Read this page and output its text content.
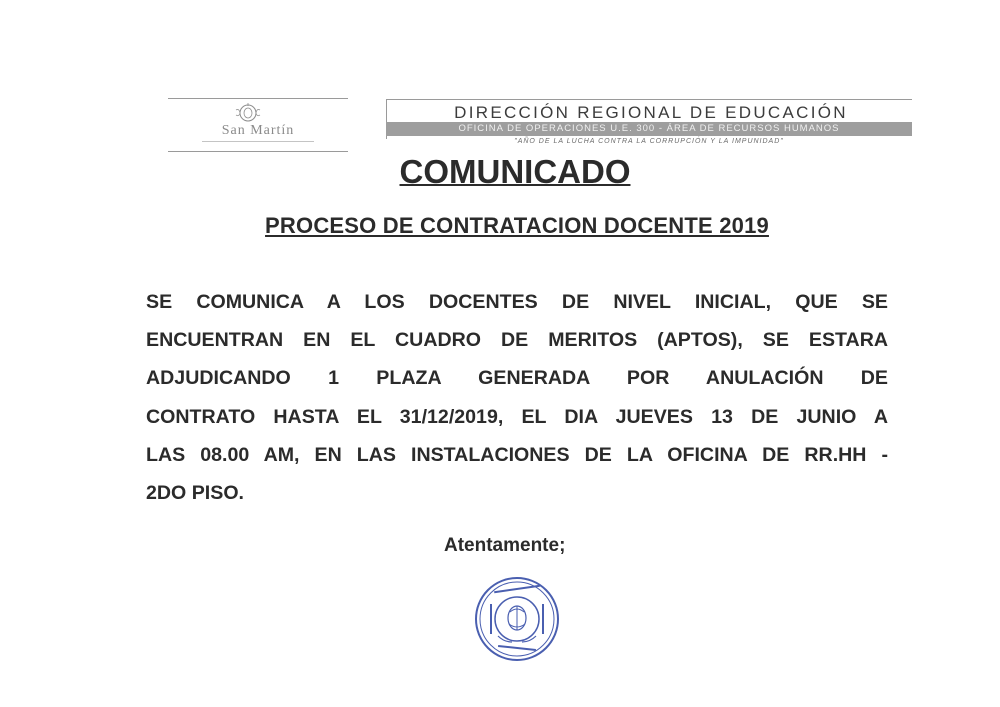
San Martín
DIRECCIÓN REGIONAL DE EDUCACIÓN
OFICINA DE OPERACIONES U.E. 300 - ÁREA DE RECURSOS HUMANOS
"AÑO DE LA LUCHA CONTRA LA CORRUPCIÓN Y LA IMPUNIDAD"
COMUNICADO
PROCESO DE CONTRATACION DOCENTE 2019
SE COMUNICA A LOS DOCENTES DE NIVEL INICIAL, QUE SE
ENCUENTRAN EN EL CUADRO DE MERITOS (APTOS), SE ESTARA
ADJUDICANDO 1 PLAZA GENERADA POR ANULACIÓN DE
CONTRATO HASTA EL 31/12/2019, EL DIA JUEVES 13 DE JUNIO A
LAS 08.00 AM, EN LAS INSTALACIONES DE LA OFICINA DE RR.HH -
2DO PISO.
Atentamente;
